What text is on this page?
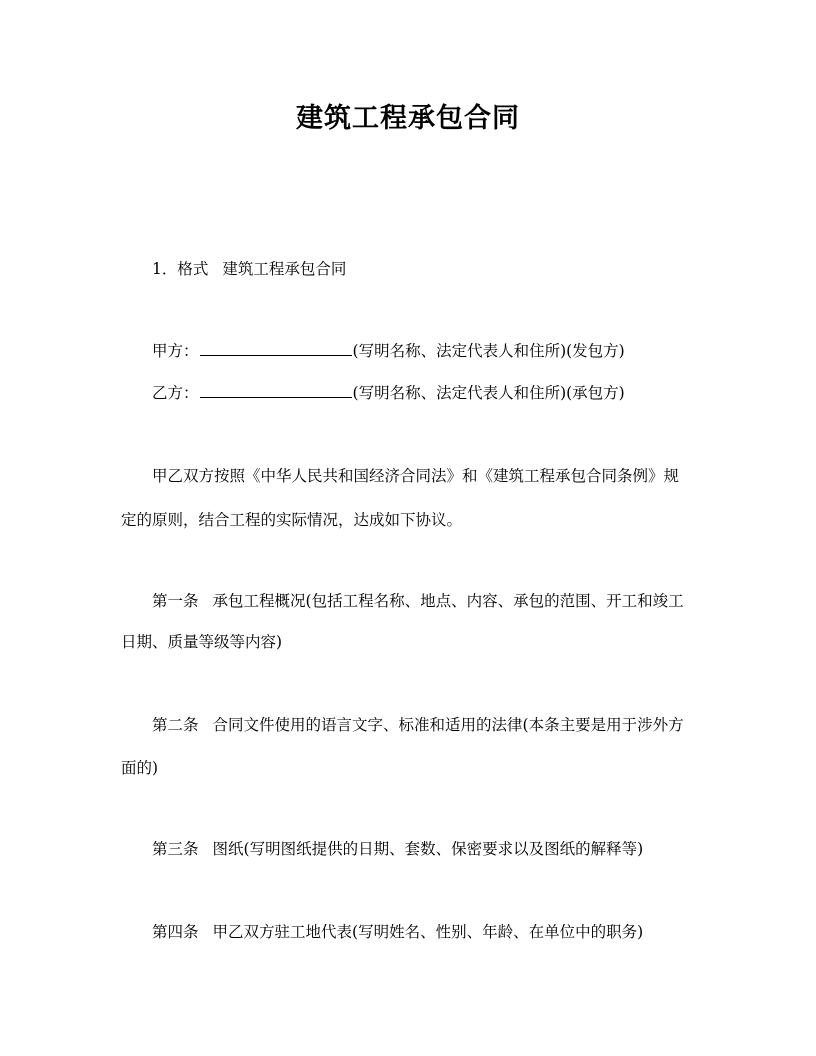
建筑工程承包合同
1．格式 建筑工程承包合同
甲方：	(写明名称、法定代表人和住所)(发包方)
乙方：	(写明名称、法定代表人和住所)(承包方)
甲乙双方按照《中华人民共和国经济合同法》和《建筑工程承包合同条例》规
定的原则，结合工程的实际情况，达成如下协议。
第一条 承包工程概况(包括工程名称、地点、内容、承包的范围、开工和竣工
日期、质量等级等内容)
第二条 合同文件使用的语言文字、标准和适用的法律(本条主要是用于涉外方
面的)
第三条 图纸(写明图纸提供的日期、套数、保密要求以及图纸的解释等)
第四条 甲乙双方驻工地代表(写明姓名、性别、年龄、在单位中的职务)
